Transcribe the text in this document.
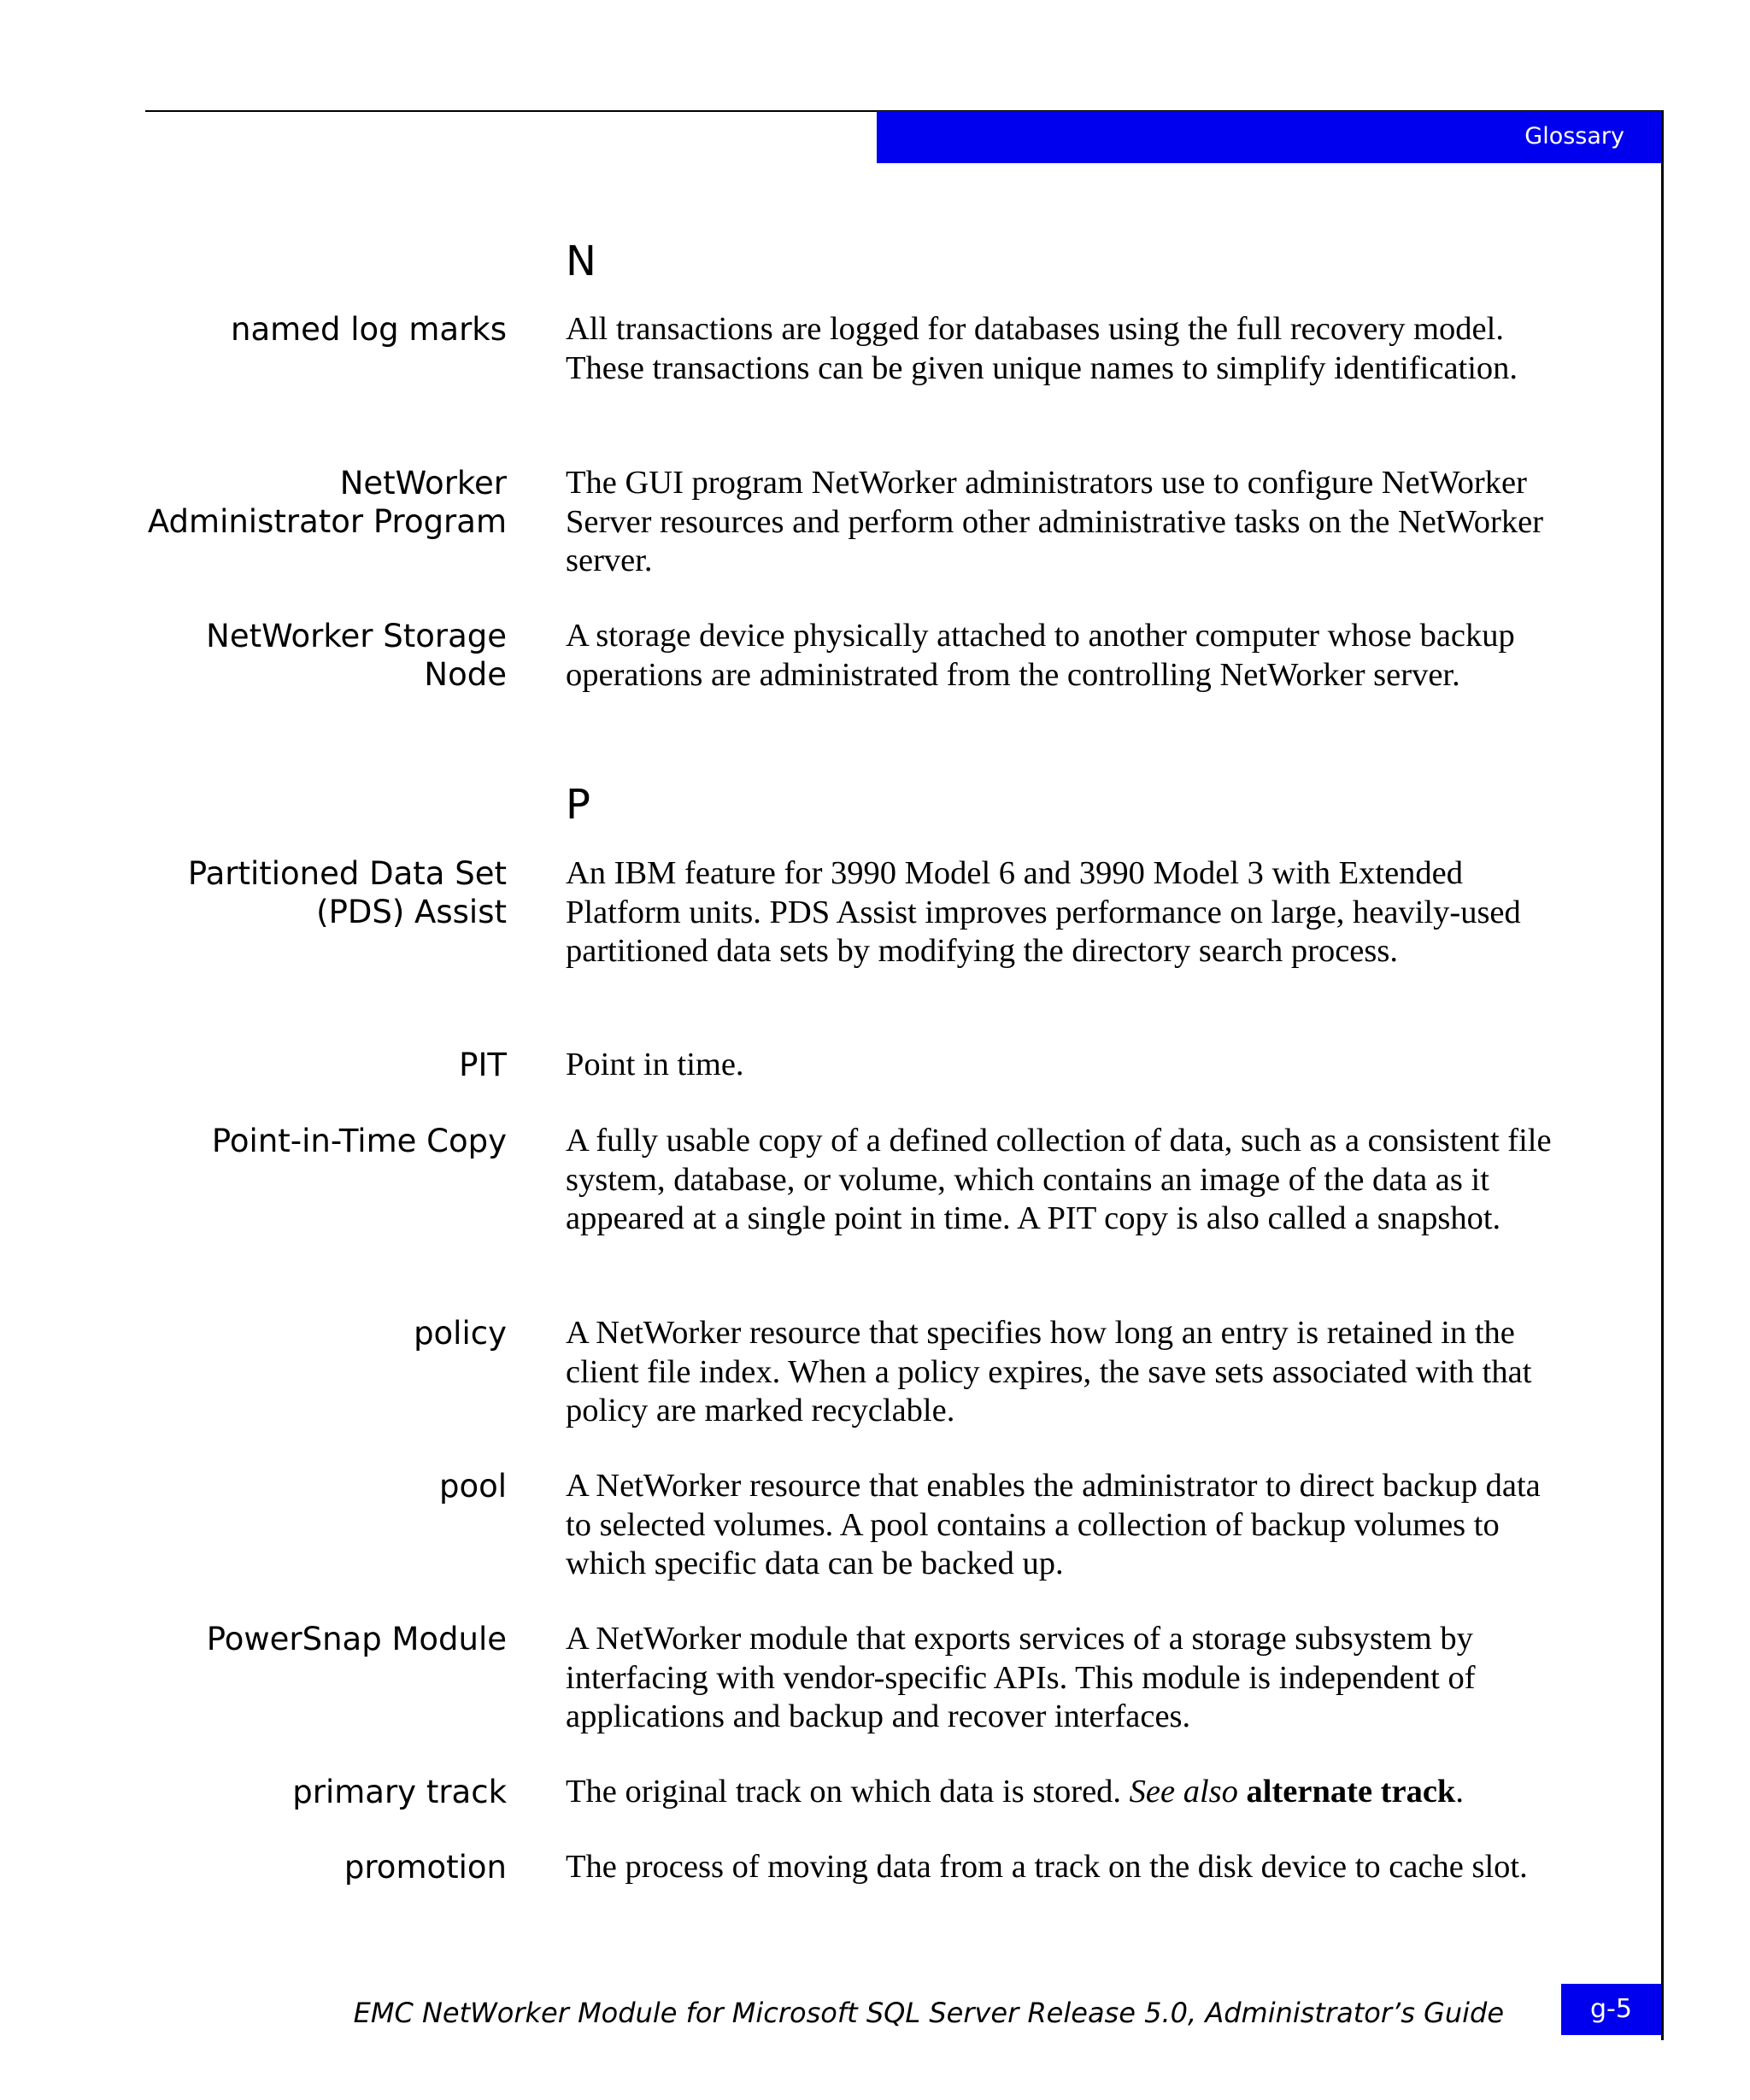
Glossary
N
named log marks All transactions are logged for databases using the full recovery model. These transactions can be given unique names to simplify identification.
NetWorker
Administrator Program
The GUI program NetWorker administrators use to configure NetWorker Server resources and perform other administrative tasks on the NetWorker server.
NetWorker Storage
Node
A storage device physically attached to another computer whose backup operations are administrated from the controlling NetWorker server.
P
Partitioned Data Set
(PDS) Assist
An IBM feature for 3990 Model 6 and 3990 Model 3 with Extended Platform units. PDS Assist improves performance on large, heavily-used partitioned data sets by modifying the directory search process.
PIT Point in time.
Point-in-Time Copy A fully usable copy of a defined collection of data, such as a consistent file system, database, or volume, which contains an image of the data as it appeared at a single point in time. A PIT copy is also called a snapshot.
policy A NetWorker resource that specifies how long an entry is retained in the client file index. When a policy expires, the save sets associated with that policy are marked recyclable.
pool A NetWorker resource that enables the administrator to direct backup data to selected volumes. A pool contains a collection of backup volumes to which specific data can be backed up.
PowerSnap Module A NetWorker module that exports services of a storage subsystem by interfacing with vendor-specific APIs. This module is independent of applications and backup and recover interfaces.
primary track The original track on which data is stored. See also alternate track.
promotion The process of moving data from a track on the disk device to cache slot.
EMC NetWorker Module for Microsoft SQL Server Release 5.0, Administrator’s Guide	g-5
